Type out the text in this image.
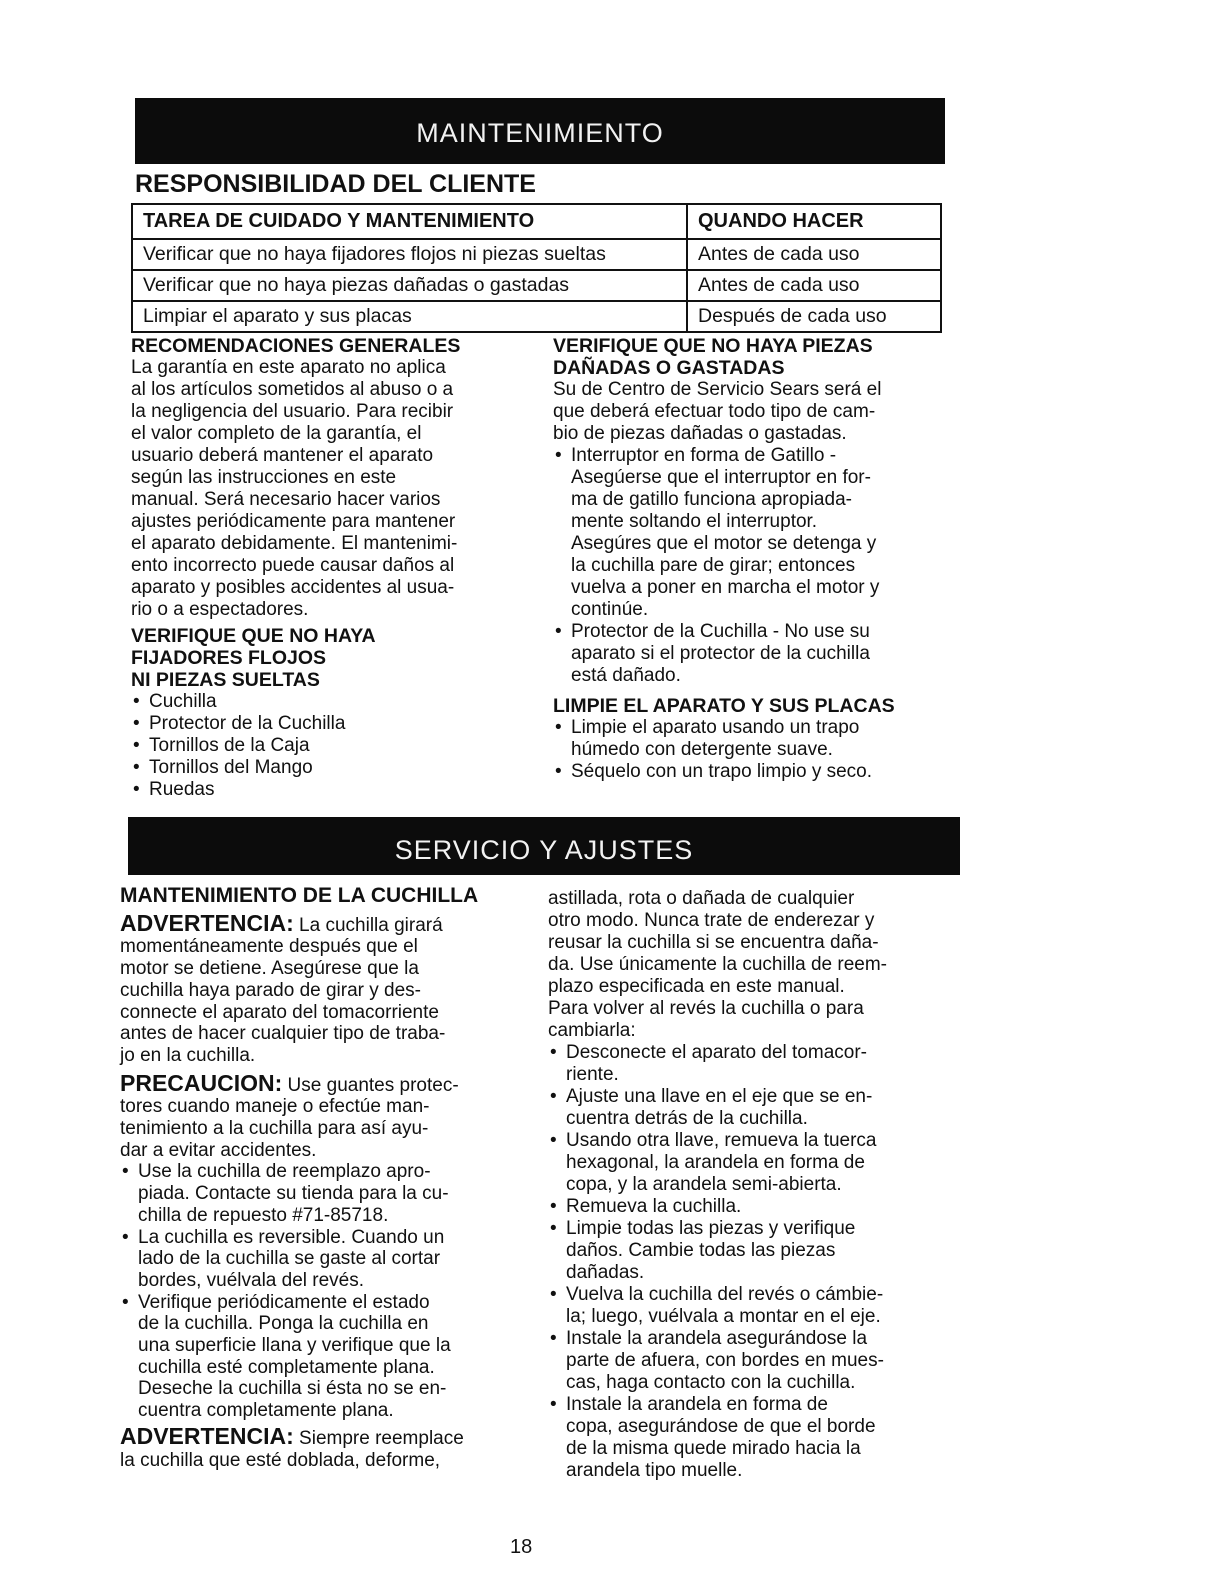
MAINTENIMIENTO
RESPONSIBILIDAD DEL CLIENTE
TAREA DE CUIDADO Y MANTENIMIENTO	QUANDO HACER
Verificar que no haya fijadores flojos ni piezas sueltas	Antes de cada uso
Verificar que no haya piezas dañadas o gastadas	Antes de cada uso
Limpiar el aparato y sus placas	Después de cada uso

RECOMENDACIONES GENERALES

La garantía en este aparato no aplica
al los artículos sometidos al abuso o a
la negligencia del usuario. Para recibir
el valor completo de la garantía, el
usuario deberá mantener el aparato
según las instrucciones en este
manual. Será necesario hacer varios
ajustes periódicamente para mantener
el aparato debidamente. El mantenimi-
ento incorrecto puede causar daños al
aparato y posibles accidentes al usua-
rio o a espectadores.
VERIFIQUE QUE NO HAYA
FIJADORES FLOJOS
NI PIEZAS SUELTAS
• Cuchilla
• Protector de la Cuchilla
• Tornillos de la Caja
• Tornillos del Mango
• Ruedas
VERIFIQUE QUE NO HAYA PIEZAS
DAÑADAS O GASTADAS
Su de Centro de Servicio Sears será el
que deberá efectuar todo tipo de cam-
bio de piezas dañadas o gastadas.
• Interruptor en forma de Gatillo -
Asegúerse que el interruptor en for-
ma de gatillo funciona apropiada-
mente soltando el interruptor.
Asegúres que el motor se detenga y
la cuchilla pare de girar; entonces
vuelva a poner en marcha el motor y
continúe.
• Protector de la Cuchilla - No use su
aparato si el protector de la cuchilla
está dañado.

LIMPIE EL APARATO Y SUS PLACAS

• Limpie el aparato usando un trapo
húmedo con detergente suave.
• Séquelo con un trapo limpio y seco.
SERVICIO Y AJUSTES

MANTENIMIENTO DE LA CUCHILLA

ADVERTENCIA: La cuchilla girará
momentáneamente después que el
motor se detiene. Asegúrese que la
cuchilla haya parado de girar y des-
connecte el aparato del tomacorriente
antes de hacer cualquier tipo de traba-
jo en la cuchilla.
PRECAUCION: Use guantes protec-
tores cuando maneje o efectúe man-
tenimiento a la cuchilla para así ayu-
dar a evitar accidentes.
• Use la cuchilla de reemplazo apro-
piada. Contacte su tienda para la cu-
chilla de repuesto #71-85718.
• La cuchilla es reversible. Cuando un
lado de la cuchilla se gaste al cortar
bordes, vuélvala del revés.
• Verifique periódicamente el estado
de la cuchilla. Ponga la cuchilla en
una superficie llana y verifique que la
cuchilla esté completamente plana.
Deseche la cuchilla si ésta no se en-
cuentra completamente plana.
ADVERTENCIA: Siempre reemplace
la cuchilla que esté doblada, deforme,
astillada, rota o dañada de cualquier
otro modo. Nunca trate de enderezar y
reusar la cuchilla si se encuentra daña-
da. Use únicamente la cuchilla de reem-
plazo especificada en este manual.
Para volver al revés la cuchilla o para
cambiarla:
• Desconecte el aparato del tomacor-
riente.
• Ajuste una llave en el eje que se en-
cuentra detrás de la cuchilla.
• Usando otra llave, remueva la tuerca
hexagonal, la arandela en forma de
copa, y la arandela semi-abierta.
• Remueva la cuchilla.
• Limpie todas las piezas y verifique
daños. Cambie todas las piezas
dañadas.
• Vuelva la cuchilla del revés o cámbie-
la; luego, vuélvala a montar en el eje.
• Instale la arandela asegurándose la
parte de afuera, con bordes en mues-
cas, haga contacto con la cuchilla.
• Instale la arandela en forma de
copa, asegurándose de que el borde
de la misma quede mirado hacia la
arandela tipo muelle.
18
